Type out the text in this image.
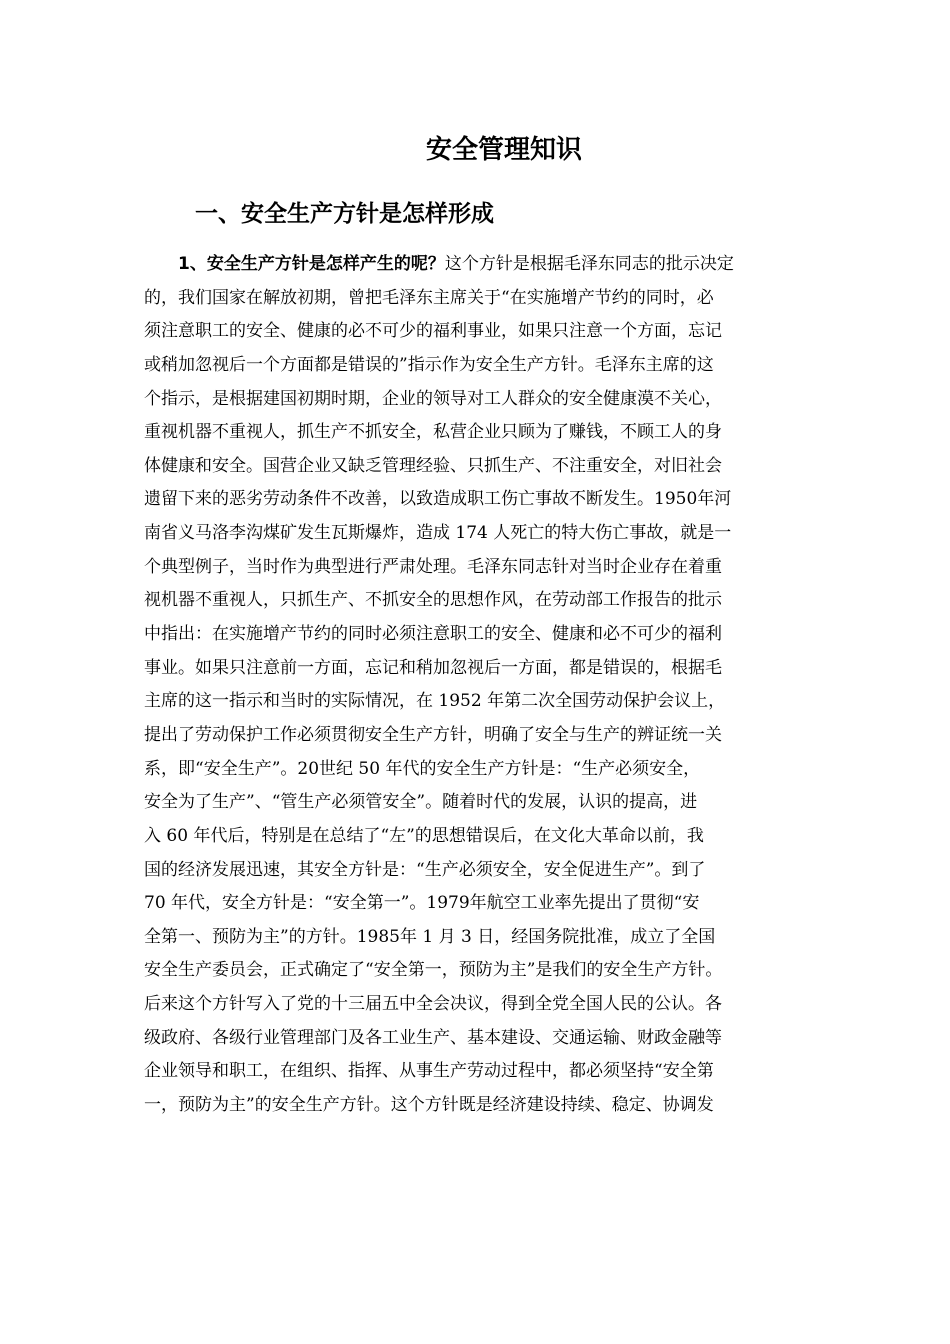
安全管理知识
一、安全生产方针是怎样形成
1、安全生产方针是怎样产生的呢？这个方针是根据毛泽东同志的批示决定
的，我们国家在解放初期，曾把毛泽东主席关于“在实施增产节约的同时，必
须注意职工的安全、健康的必不可少的福利事业，如果只注意一个方面，忘记
或稍加忽视后一个方面都是错误的”指示作为安全生产方针。毛泽东主席的这
个指示，是根据建国初期时期，企业的领导对工人群众的安全健康漠不关心，
重视机器不重视人，抓生产不抓安全，私营企业只顾为了赚钱，不顾工人的身
体健康和安全。国营企业又缺乏管理经验、只抓生产、不注重安全，对旧社会
遗留下来的恶劣劳动条件不改善，以致造成职工伤亡事故不断发生。1950年河
南省义马洛李沟煤矿发生瓦斯爆炸，造成 174 人死亡的特大伤亡事故，就是一
个典型例子，当时作为典型进行严肃处理。毛泽东同志针对当时企业存在着重
视机器不重视人，只抓生产、不抓安全的思想作风，在劳动部工作报告的批示
中指出：在实施增产节约的同时必须注意职工的安全、健康和必不可少的福利
事业。如果只注意前一方面，忘记和稍加忽视后一方面，都是错误的，根据毛
主席的这一指示和当时的实际情况，在 1952 年第二次全国劳动保护会议上，
提出了劳动保护工作必须贯彻安全生产方针，明确了安全与生产的辨证统一关
系，即“安全生产”。20世纪 50 年代的安全生产方针是：“生产必须安全，
安全为了生产”、“管生产必须管安全”。随着时代的发展，认识的提高，进
入 60 年代后，特别是在总结了“左”的思想错误后，在文化大革命以前，我
国的经济发展迅速，其安全方针是：“生产必须安全，安全促进生产”。到了
70 年代，安全方针是：“安全第一”。1979年航空工业率先提出了贯彻“安
全第一、预防为主”的方针。1985年 1 月 3 日，经国务院批准，成立了全国
安全生产委员会，正式确定了“安全第一，预防为主”是我们的安全生产方针。
后来这个方针写入了党的十三届五中全会决议，得到全党全国人民的公认。各
级政府、各级行业管理部门及各工业生产、基本建设、交通运输、财政金融等
企业领导和职工，在组织、指挥、从事生产劳动过程中，都必须坚持“安全第
一，预防为主”的安全生产方针。这个方针既是经济建设持续、稳定、协调发
